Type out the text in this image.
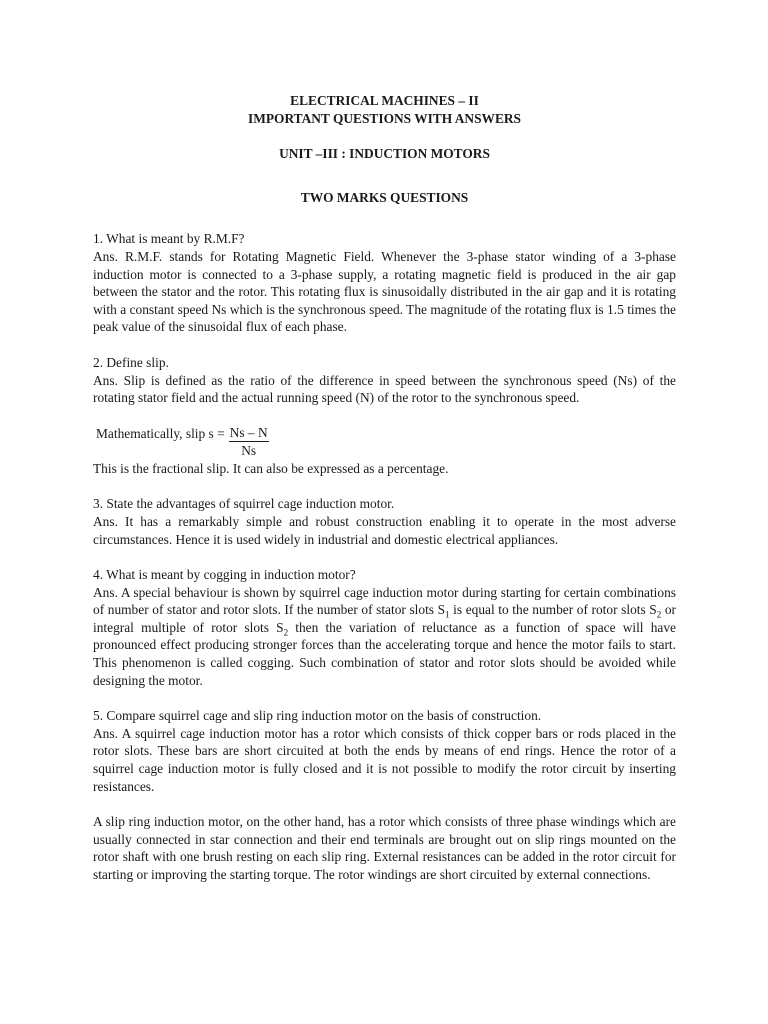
ELECTRICAL MACHINES – II
IMPORTANT QUESTIONS WITH ANSWERS
UNIT –III : INDUCTION MOTORS
TWO MARKS QUESTIONS

1. What is meant by R.M.F?

Ans. R.M.F. stands for Rotating Magnetic Field. Whenever the 3-phase stator winding of a 3-phase induction motor is connected to a 3-phase supply, a rotating magnetic field is produced in the air gap between the stator and the rotor. This rotating flux is sinusoidally distributed in the air gap and it is rotating with a constant speed Ns which is the synchronous speed. The magnitude of the rotating flux is 1.5 times the peak value of the sinusoidal flux of each phase.

2. Define slip.

Ans. Slip is defined as the ratio of the difference in speed between the synchronous speed (Ns) of the rotating stator field and the actual running speed (N) of the rotor to the synchronous speed.

Mathematically, slip $s = \frac{Ns - N}{Ns}$

This is the fractional slip. It can also be expressed as a percentage.

3. State the advantages of squirrel cage induction motor.

Ans. It has a remarkably simple and robust construction enabling it to operate in the most adverse circumstances. Hence it is used widely in industrial and domestic electrical appliances.

4. What is meant by cogging in induction motor?

Ans. A special behaviour is shown by squirrel cage induction motor during starting for certain combinations of number of stator and rotor slots. If the number of stator slots $S_1$ is equal to the number of rotor slots $S_2$ or integral multiple of rotor slots $S_2$ then the variation of reluctance as a function of space will have pronounced effect producing stronger forces than the accelerating torque and hence the motor fails to start. This phenomenon is called cogging. Such combination of stator and rotor slots should be avoided while designing the motor.

5. Compare squirrel cage and slip ring induction motor on the basis of construction.

Ans. A squirrel cage induction motor has a rotor which consists of thick copper bars or rods placed in the rotor slots. These bars are short circuited at both the ends by means of end rings. Hence the rotor of a squirrel cage induction motor is fully closed and it is not possible to modify the rotor circuit by inserting resistances.

A slip ring induction motor, on the other hand, has a rotor which consists of three phase windings which are usually connected in star connection and their end terminals are brought out on slip rings mounted on the rotor shaft with one brush resting on each slip ring. External resistances can be added in the rotor circuit for starting or improving the starting torque. The rotor windings are short circuited by external connections.
